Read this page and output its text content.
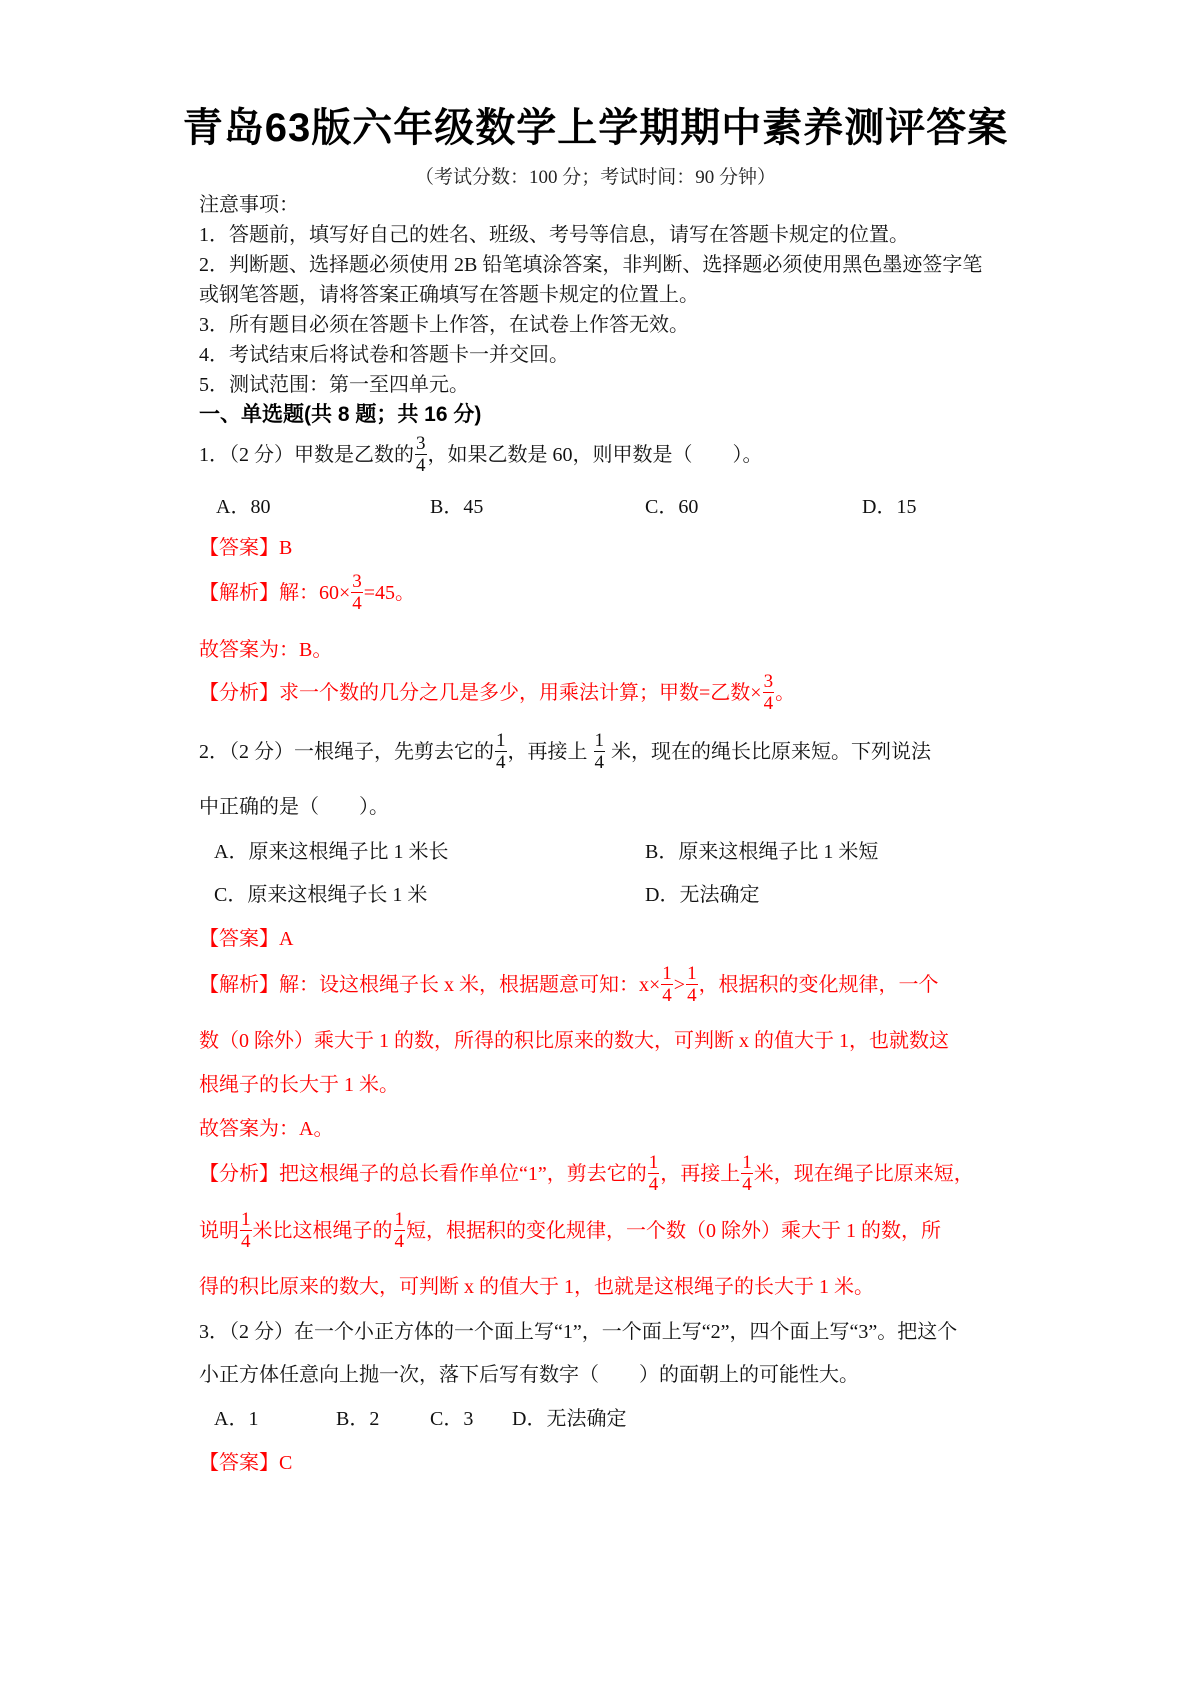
青岛63版六年级数学上学期期中素养测评答案
（考试分数：100 分；考试时间：90 分钟）
注意事项：
1．答题前，填写好自己的姓名、班级、考号等信息，请写在答题卡规定的位置。
2．判断题、选择题必须使用 2B 铅笔填涂答案，非判断、选择题必须使用黑色墨迹签字笔
或钢笔答题，请将答案正确填写在答题卡规定的位置上。
3．所有题目必须在答题卡上作答，在试卷上作答无效。
4．考试结束后将试卷和答题卡一并交回。
5．测试范围：第一至四单元。
一、单选题(共 8 题；共 16 分)
1．（2 分）甲数是乙数的 $\frac{3}{4}$ ，如果乙数是 60，则甲数是（　　）。
A．80	B．45	C．60	D．15
【答案】B
【解析】解：$60\times \frac{3}{4} =45$。
故答案为：B。
【分析】求一个数的几分之几是多少，用乘法计算；甲数=乙数× $\frac{3}{4}$ 。
2．（2 分）一根绳子，先剪去它的 $\frac{1}{4}$ ，再接上 $\frac{1}{4}$ 米，现在的绳长比原来短。下列说法
中正确的是（　　）。
A．原来这根绳子比 1 米长	B．原来这根绳子比 1 米短
C．原来这根绳子长 1 米	D．无法确定
【答案】A
【解析】解：设这根绳子长 x 米，根据题意可知：$x\times \frac{1}{4} > \frac{1}{4}$ ，根据积的变化规律，一个
数（0 除外）乘大于 1 的数，所得的积比原来的数大，可判断 x 的值大于 1，也就数这
根绳子的长大于 1 米。
故答案为：A。
【分析】把这根绳子的总长看作单位“1”，剪去它的 $\frac{1}{4}$ ，再接上 $\frac{1}{4}$ 米，现在绳子比原来短，
说明 $\frac{1}{4}$ 米比这根绳子的 $\frac{1}{4}$ 短，根据积的变化规律，一个数（0 除外）乘大于 1 的数，所
得的积比原来的数大，可判断 x 的值大于 1，也就是这根绳子的长大于 1 米。
3．（2 分）在一个小正方体的一个面上写“1”，一个面上写“2”，四个面上写“3”。把这个
小正方体任意向上抛一次，落下后写有数字（　　）的面朝上的可能性大。
A．1	B．2	C．3 D．无法确定
【答案】C
